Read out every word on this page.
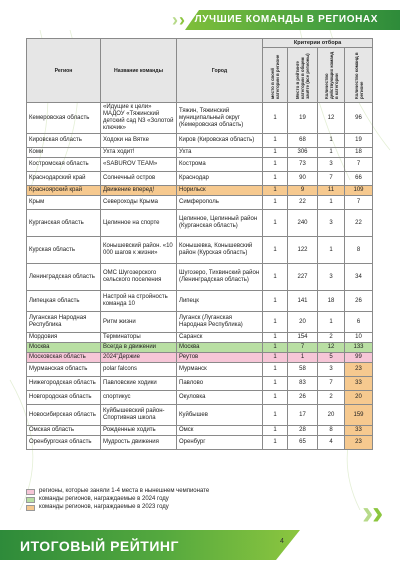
› › ЛУЧШИЕ КОМАНДЫ В РЕГИОНАХ
Регион	Название команды	Город	Критерии отбора			
			место в своей категории в регионе	Место в рейтинге категории в общем зачёте (все регионы)	Количество действующих команд в категории	Количество команд в регионе
Кемеровская область	«Идущие к цели» МАДОУ «Тяжинский детский сад N3 «Золотой ключик»	Тяжин, Тяжинский муниципальный округ (Кемеровская область)	1	19	12	96
Кировская область	Ходоки на Вятке	Киров (Кировская область)	1	68	1	19
Коми	Ухта ходит!	Ухта	1	306	1	18
Костромская область	«SABUROV TEAM»	Кострома	1	73	3	7
Краснодарский край	Солнечный остров	Краснодар	1	90	7	66
Красноярский край	Движение вперед!	Норильск	1	9	11	109
Крым	Североходы Крыма	Симферополь	1	22	1	7
Курганская область	Целинное на спорте	Целинное, Целинный район (Курганская область)	1	240	3	22
Курская область	Конышевский район. «10 000 шагов к жизни»	Конышевка, Конышевский район (Курская область)	1	122	1	8
Ленинградская область	ОМС Шугозерского сельского поселения	Шугозеро, Тихвинский район (Ленинградская область)	1	227	3	34
Липецкая область	Настрой на стройность команда 10	Липецк	1	141	18	26
Луганская Народная Республика	Ритм жизни	Луганск (Луганская Народная Республика)	1	20	1	6
Мордовия	Терминаторы	Саранск	1	154	2	10
Москва	Всегда в движении	Москва	1	7	12	133
Московская область	2024"Держие	Реутов	1	1	5	99
Мурманская область	polar falcons	Мурманск	1	58	3	23
Нижегородская область	Павловские ходики	Павлово	1	83	7	33
Новгородская область	спортикус	Окуловка	1	26	2	20
Новосибирская область	Куйбышевский район-Спортивная школа	Куйбышев	1	17	20	159
Омская область	Рожденные ходить	Омск	1	28	8	33
Оренбургская область	Мудрость движения	Оренбург	1	65	4	23
регионы, которые заняли 1-4 места в нынешнем чемпионате
команды регионов, награждаемые в 2024 году
команды регионов, награждаемые в 2023 году
ИТОГОВЫЙ РЕЙТИНГ	4
›
›
